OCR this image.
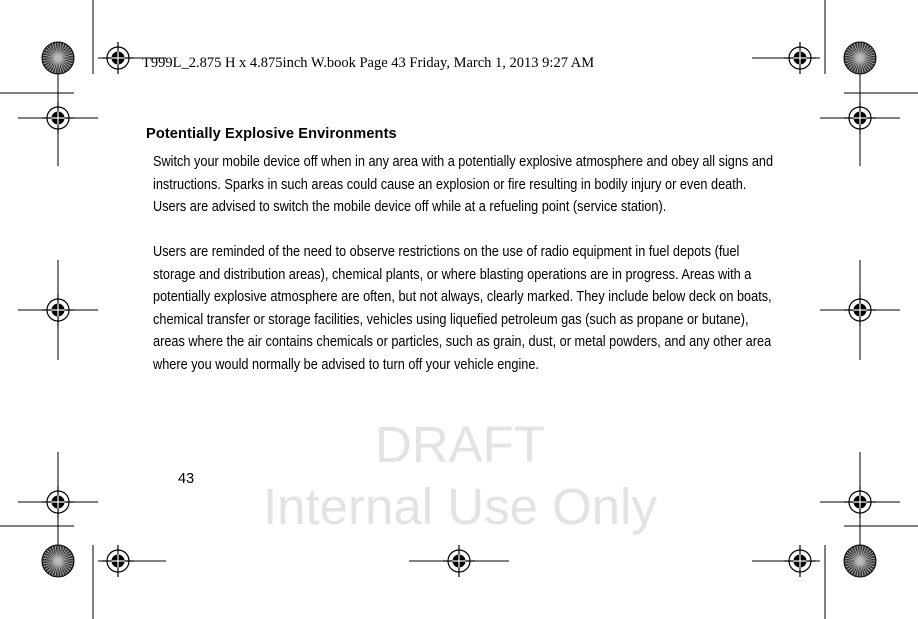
T999L_2.875 H x 4.875inch W.book Page 43 Friday, March 1, 2013 9:27 AM
DRAFT
Internal Use Only
Potentially Explosive Environments

Switch your mobile device off when in any area with a potentially explosive atmosphere and obey all signs and instructions. Sparks in such areas could cause an explosion or fire resulting in bodily injury or even death. Users are advised to switch the mobile device off while at a refueling point (service station).

Users are reminded of the need to observe restrictions on the use of radio equipment in fuel depots (fuel storage and distribution areas), chemical plants, or where blasting operations are in progress. Areas with a potentially explosive atmosphere are often, but not always, clearly marked. They include below deck on boats, chemical transfer or storage facilities, vehicles using liquefied petroleum gas (such as propane or butane), areas where the air contains chemicals or particles, such as grain, dust, or metal powders, and any other area where you would normally be advised to turn off your vehicle engine.

43
